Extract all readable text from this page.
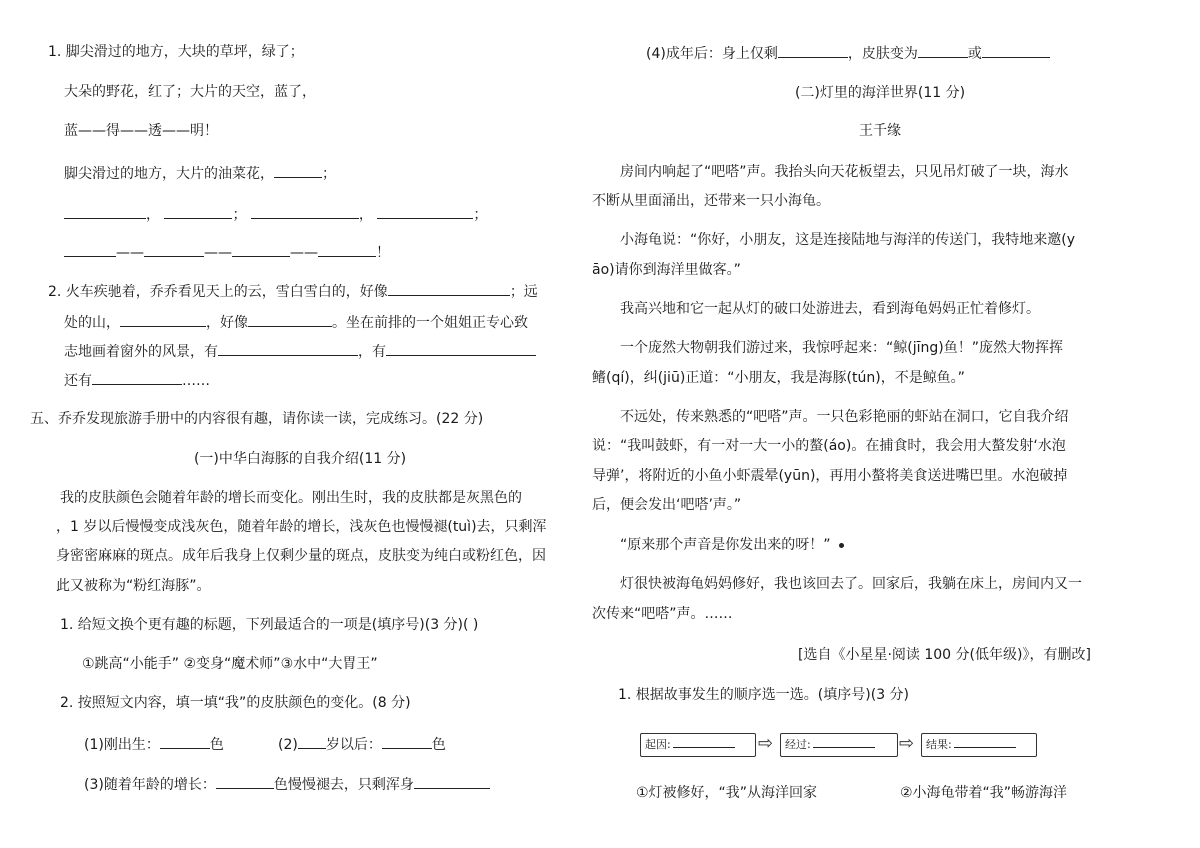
1. 脚尖滑过的地方，大块的草坪，绿了；
大朵的野花，红了；大片的天空，蓝了，
蓝——得——透——明！
脚尖滑过的地方，大片的油菜花，	；
，	；	，	；
——	——	——	！
2. 火车疾驰着，乔乔看见天上的云，雪白雪白的，好像	；远
处的山，	，好像	。坐在前排的一个姐姐正专心致
志地画着窗外的风景，有	，有
还有	……
五、乔乔发现旅游手册中的内容很有趣，请你读一读，完成练习。(22 分)
(一)中华白海豚的自我介绍(11 分)
我的皮肤颜色会随着年龄的增长而变化。刚出生时，我的皮肤都是灰黑色的
，1 岁以后慢慢变成浅灰色，随着年龄的增长，浅灰色也慢慢褪(tuì)去，只剩浑
身密密麻麻的斑点。成年后我身上仅剩少量的斑点，皮肤变为纯白或粉红色，因
此又被称为“粉红海豚”。
1. 给短文换个更有趣的标题，下列最适合的一项是(填序号)(3 分)( )
①跳高“小能手” ②变身“魔术师”③水中“大胃王”
2. 按照短文内容，填一填“我”的皮肤颜色的变化。(8 分)
(1)刚出生：	色	(2) 岁以后：	色
(3)随着年龄的增长：	色慢慢褪去，只剩浑身
(4)成年后：身上仅剩	，皮肤变为	或
(二)灯里的海洋世界(11 分)
王千缘
房间内响起了“吧嗒”声。我抬头向天花板望去，只见吊灯破了一块，海水
不断从里面涌出，还带来一只小海龟。
小海龟说：“你好，小朋友，这是连接陆地与海洋的传送门，我特地来邀(y
āo)请你到海洋里做客。”
我高兴地和它一起从灯的破口处游进去，看到海龟妈妈正忙着修灯。
一个庞然大物朝我们游过来，我惊呼起来：“鲸(jīng)鱼！”庞然大物挥挥
鳍(qí)，纠(jiū)正道：“小朋友，我是海豚(tún)，不是鲸鱼。”
不远处，传来熟悉的“吧嗒”声。一只色彩艳丽的虾站在洞口，它自我介绍
说：“我叫鼓虾，有一对一大一小的螯(áo)。在捕食时，我会用大螯发射‘水泡
导弹’，将附近的小鱼小虾震晕(yūn)，再用小螯将美食送进嘴巴里。水泡破掉
后，便会发出‘吧嗒’声。”
“原来那个声音是你发出来的呀！”
灯很快被海龟妈妈修好，我也该回去了。回家后，我躺在床上，房间内又一
次传来“吧嗒”声。……
[选自《小星星·阅读 100 分(低年级)》，有删改]
1. 根据故事发生的顺序选一选。(填序号)(3 分)
起因:	⇨	经过:	⇨	结果:
①灯被修好，“我”从海洋回家	②小海龟带着“我”畅游海洋
